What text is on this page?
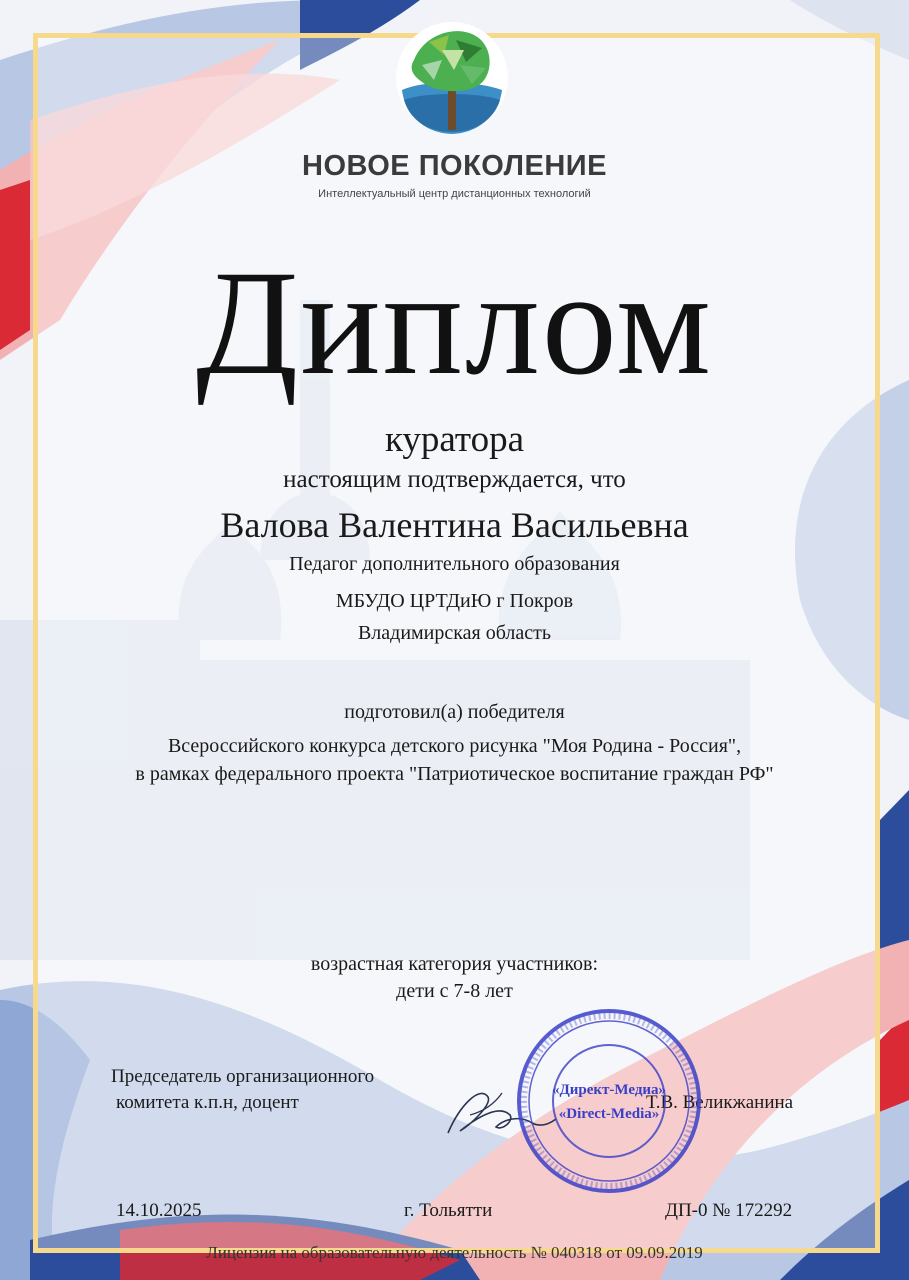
НОВОЕ ПОКОЛЕНИЕ
Интеллектуальный центр дистанционных технологий
Диплом
куратора
настоящим подтверждается, что
Валова Валентина Васильевна
Педагог дополнительного образования
МБУДО ЦРТДиЮ г Покров
Владимирская область
подготовил(а) победителя
Всероссийского конкурса детского рисунка "Моя Родина - Россия",
в рамках федерального проекта "Патриотическое воспитание граждан РФ"
возрастная категория участников:
дети с 7-8 лет
Председатель организационного
комитета к.п.н, доцент	Т.В. Великжанина
«Директ-Медиа»
«Direct-Media»
14.10.2025	г. Тольятти	ДП-0 № 172292
Лицензия на образовательную деятельность № 040318 от 09.09.2019
